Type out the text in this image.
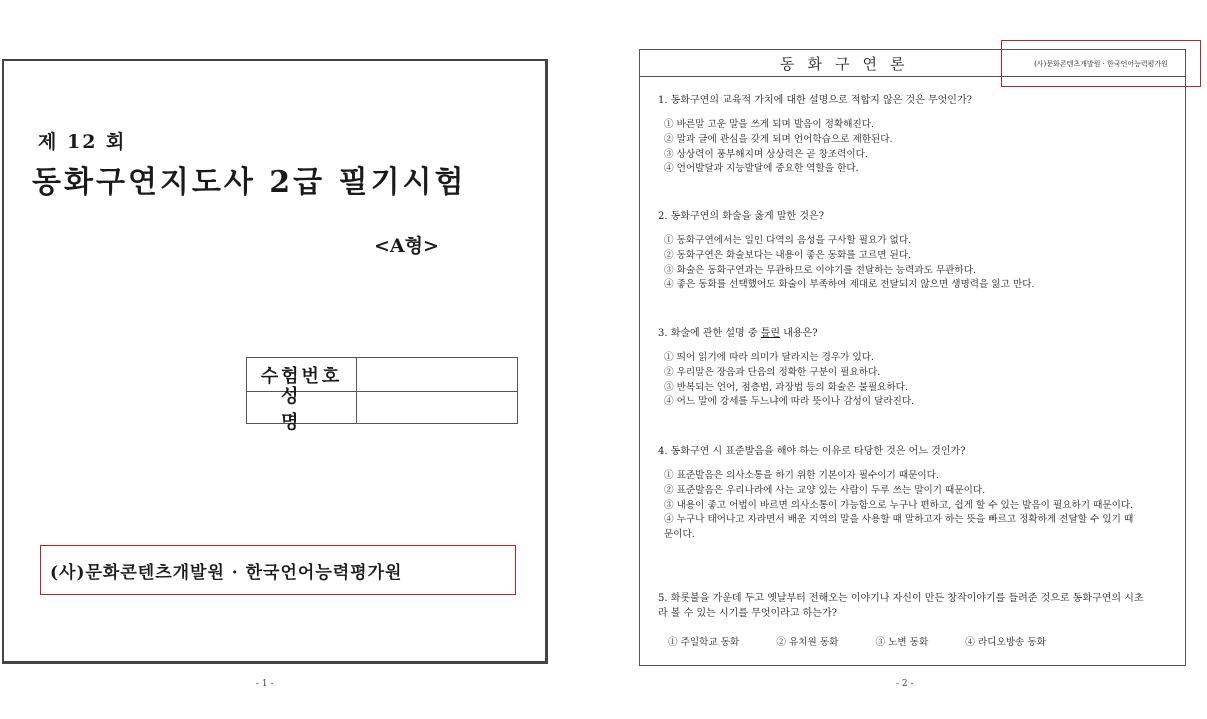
제 12 회
동화구연지도사 2급 필기시험
<A형>
수험번호
성명
(사)문화콘텐츠개발원 · 한국언어능력평가원
- 1 -
동화구연론	(사)문화콘텐츠개발원 · 한국언어능력평가원
1. 동화구연의 교육적 가치에 대한 설명으로 적합지 않은 것은 무엇인가?
① 바른말 고운 말을 쓰게 되며 발음이 정확해진다.
② 말과 글에 관심을 갖게 되며 언어학습으로 제한된다.
③ 상상력이 풍부해지며 상상력은 곧 창조력이다.
④ 언어발달과 지능발달에 중요한 역할을 한다.
2. 동화구연의 화술을 옳게 말한 것은?
① 동화구연에서는 일인 다역의 음성을 구사할 필요가 없다.
② 동화구연은 화술보다는 내용이 좋은 동화를 고르면 된다.
③ 화술은 동화구연과는 무관하므로 이야기를 전달하는 능력과도 무관하다.
④ 좋은 동화를 선택했어도 화술이 부족하여 제대로 전달되지 않으면 생명력을 잃고 만다.
3. 화술에 관한 설명 중 틀린 내용은?
① 띄어 읽기에 따라 의미가 달라지는 경우가 있다.
② 우리말은 장음과 단음의 정확한 구분이 필요하다.
③ 반복되는 언어, 점층법, 과장법 등의 화술은 불필요하다.
④ 어느 말에 강세를 두느냐에 따라 뜻이나 감성이 달라진다.
4. 동화구연 시 표준발음을 해야 하는 이유로 타당한 것은 어느 것인가?
① 표준발음은 의사소통을 하기 위한 기본이자 필수이기 때문이다.
② 표준발음은 우리나라에 사는 교양 있는 사람이 두루 쓰는 말이기 때문이다.
③ 내용이 좋고 어법이 바르면 의사소통이 가능함으로 누구나 편하고, 쉽게 할 수 있는 발음이 필요하기 때문이다.
④ 누구나 태어나고 자라면서 배운 지역의 말을 사용할 때 말하고자 하는 뜻을 빠르고 정확하게 전달할 수 있기 때문이다.
5. 화롯불을 가운데 두고 옛날부터 전해오는 이야기나 자신이 만든 창작이야기를 들려준 것으로 동화구연의 시초라 볼 수 있는 시기를 무엇이라고 하는가?
① 주일학교 동화	② 유치원 동화	③ 노변 동화	④ 라디오방송 동화
- 2 -
